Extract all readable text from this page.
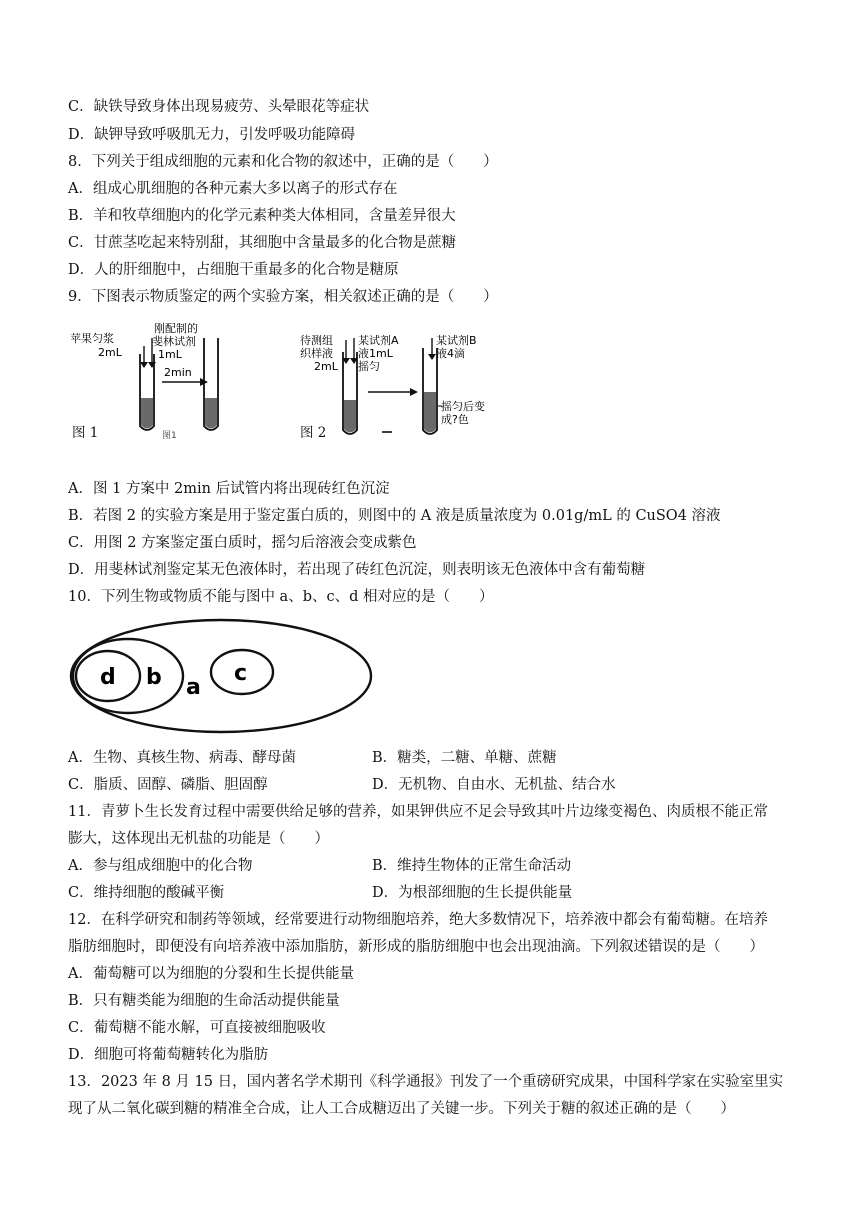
C．缺铁导致身体出现易疲劳、头晕眼花等症状
D．缺钾导致呼吸肌无力，引发呼吸功能障碍
8．下列关于组成细胞的元素和化合物的叙述中，正确的是（　　）
A．组成心肌细胞的各种元素大多以离子的形式存在
B．羊和牧草细胞内的化学元素种类大体相同，含量差异很大
C．甘蔗茎吃起来特别甜，其细胞中含量最多的化合物是蔗糖
D．人的肝细胞中，占细胞干重最多的化合物是糖原
9．下图表示物质鉴定的两个实验方案，相关叙述正确的是（　　）
苹果匀浆
2mL
刚配制的
斐林试剂
1mL
2min
图1
图 1
待测组
织样液
2mL
某试剂A
液1mL
摇匀
某试剂B
液4滴
摇匀后变
成?色
图 2
A．图 1 方案中 2min 后试管内将出现砖红色沉淀
B．若图 2 的实验方案是用于鉴定蛋白质的，则图中的 A 液是质量浓度为 0.01g/mL 的 CuSO4 溶液
C．用图 2 方案鉴定蛋白质时，摇匀后溶液会变成紫色
D．用斐林试剂鉴定某无色液体时，若出现了砖红色沉淀，则表明该无色液体中含有葡萄糖
10．下列生物或物质不能与图中 a、b、c、d 相对应的是（　　）
d b a
c
A．生物、真核生物、病毒、酵母菌	B．糖类，二糖、单糖、蔗糖
C．脂质、固醇、磷脂、胆固醇	D．无机物、自由水、无机盐、结合水
11．青萝卜生长发育过程中需要供给足够的营养，如果钾供应不足会导致其叶片边缘变褐色、肉质根不能正常
膨大，这体现出无机盐的功能是（　　）
A．参与组成细胞中的化合物	B．维持生物体的正常生命活动
C．维持细胞的酸碱平衡	D．为根部细胞的生长提供能量
12．在科学研究和制药等领域，经常要进行动物细胞培养，绝大多数情况下，培养液中都会有葡萄糖。在培养
脂肪细胞时，即便没有向培养液中添加脂肪，新形成的脂肪细胞中也会出现油滴。下列叙述错误的是（　　）
A．葡萄糖可以为细胞的分裂和生长提供能量
B．只有糖类能为细胞的生命活动提供能量
C．葡萄糖不能水解，可直接被细胞吸收
D．细胞可将葡萄糖转化为脂肪
13．2023 年 8 月 15 日，国内著名学术期刊《科学通报》刊发了一个重磅研究成果，中国科学家在实验室里实
现了从二氧化碳到糖的精准全合成，让人工合成糖迈出了关键一步。下列关于糖的叙述正确的是（　　）
